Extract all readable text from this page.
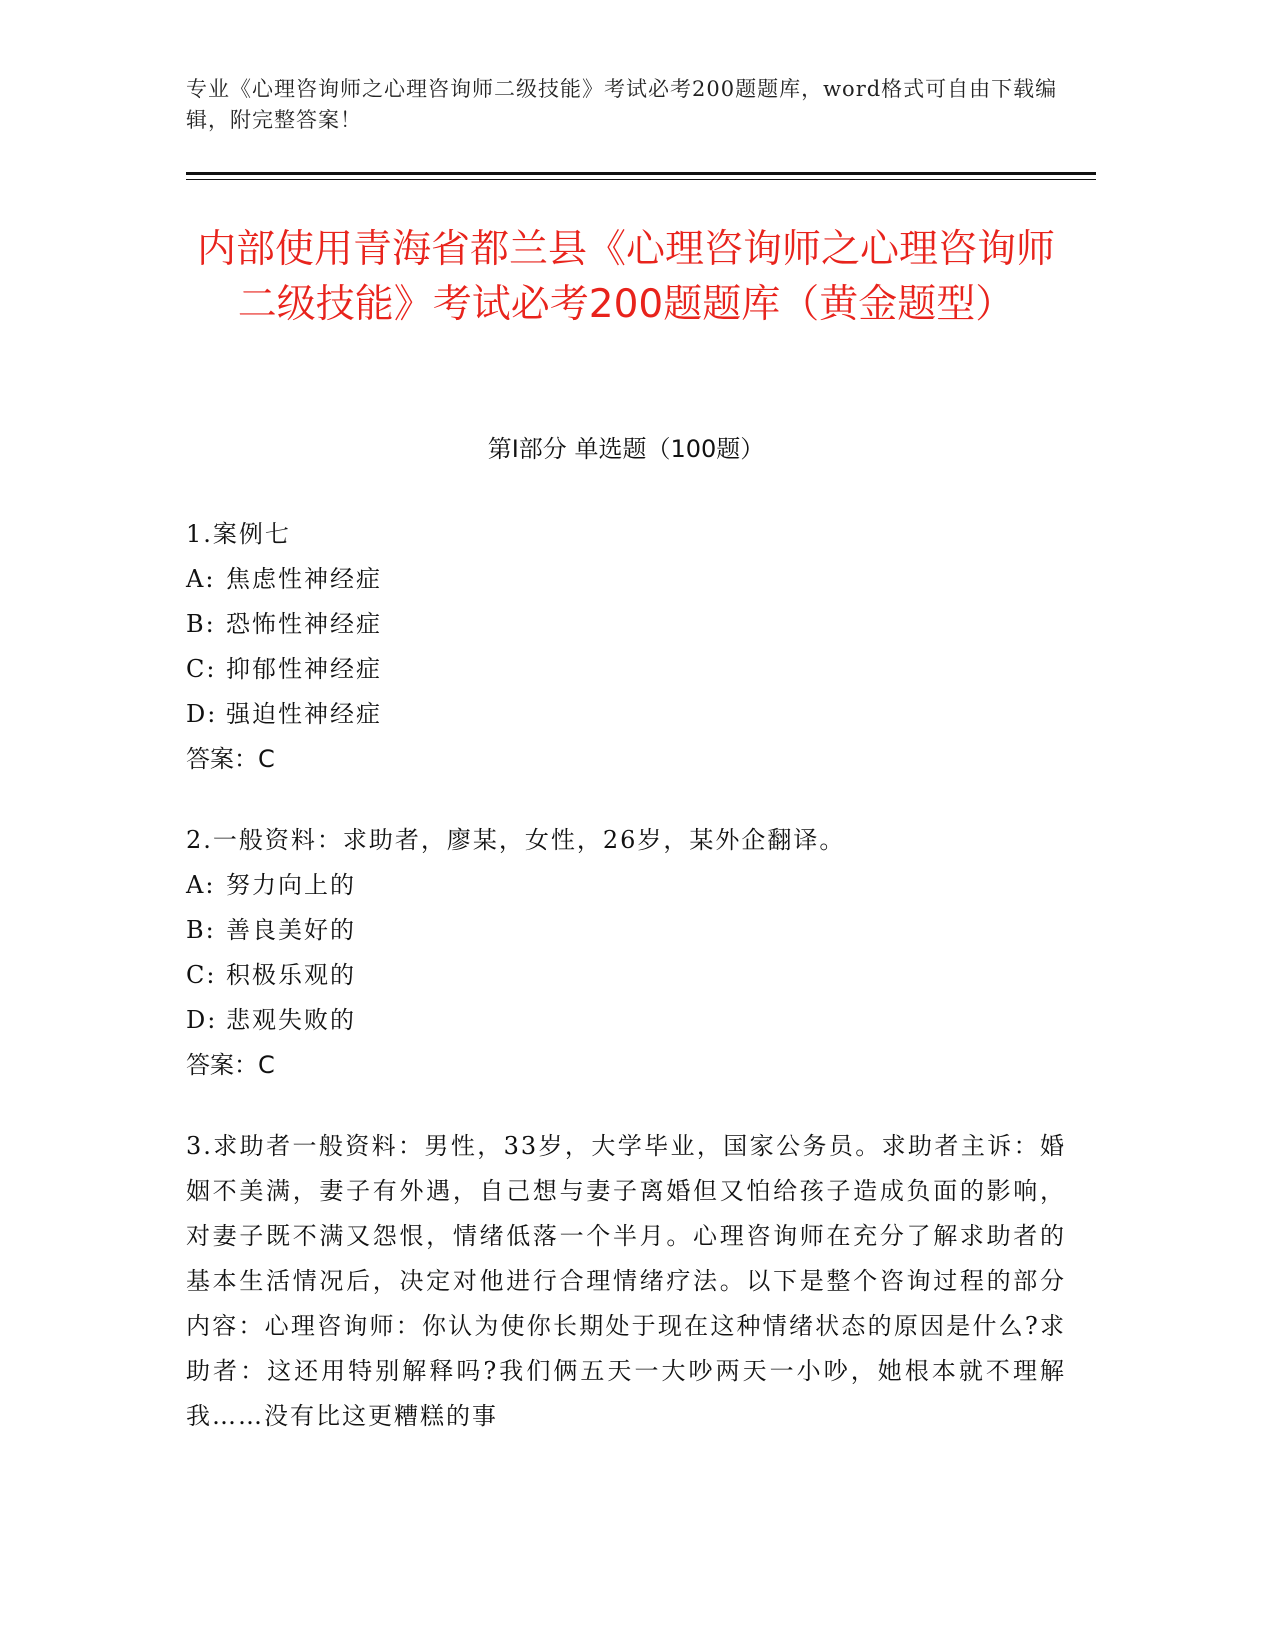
专业《心理咨询师之心理咨询师二级技能》考试必考200题题库，word格式可自由下载编辑，附完整答案！
内部使用青海省都兰县《心理咨询师之心理咨询师二级技能》考试必考200题题库（黄金题型）
第Ⅰ部分 单选题（100题）
1.案例七
A: 焦虑性神经症
B: 恐怖性神经症
C: 抑郁性神经症
D: 强迫性神经症
答案：C
2.一般资料：求助者，廖某，女性，26岁，某外企翻译。
A: 努力向上的
B: 善良美好的
C: 积极乐观的
D: 悲观失败的
答案：C
3.求助者一般资料：男性，33岁，大学毕业，国家公务员。求助者主诉：婚姻不美满，妻子有外遇，自己想与妻子离婚但又怕给孩子造成负面的影响，对妻子既不满又怨恨，情绪低落一个半月。心理咨询师在充分了解求助者的基本生活情况后，决定对他进行合理情绪疗法。以下是整个咨询过程的部分内容：心理咨询师：你认为使你长期处于现在这种情绪状态的原因是什么?求助者：这还用特别解释吗?我们俩五天一大吵两天一小吵，她根本就不理解我……没有比这更糟糕的事
